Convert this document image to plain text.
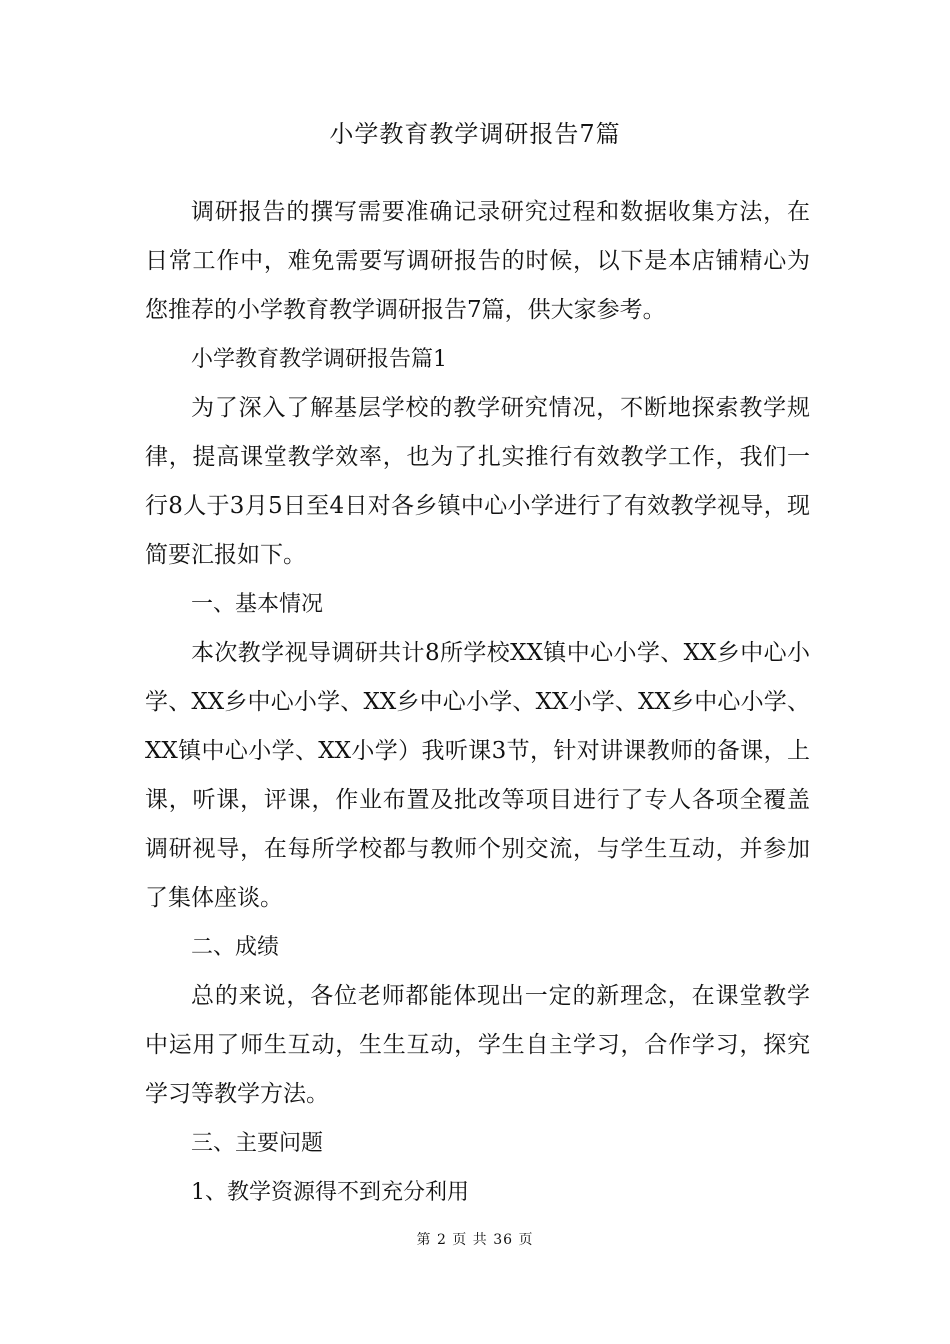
小学教育教学调研报告7篇

调研报告的撰写需要准确记录研究过程和数据收集方法，在日常工作中，难免需要写调研报告的时候，以下是本店铺精心为您推荐的小学教育教学调研报告7篇，供大家参考。

小学教育教学调研报告篇1

为了深入了解基层学校的教学研究情况，不断地探索教学规律，提高课堂教学效率，也为了扎实推行有效教学工作，我们一行8人于3月5日至4日对各乡镇中心小学进行了有效教学视导，现简要汇报如下。

一、基本情况

本次教学视导调研共计8所学校XX镇中心小学、XX乡中心小学、XX乡中心小学、XX乡中心小学、XX小学、XX乡中心小学、XX镇中心小学、XX小学）我听课3节，针对讲课教师的备课，上课，听课，评课，作业布置及批改等项目进行了专人各项全覆盖调研视导，在每所学校都与教师个别交流，与学生互动，并参加了集体座谈。

二、成绩

总的来说，各位老师都能体现出一定的新理念，在课堂教学中运用了师生互动，生生互动，学生自主学习，合作学习，探究学习等教学方法。

三、主要问题

1、教学资源得不到充分利用

第 2 页 共 36 页
